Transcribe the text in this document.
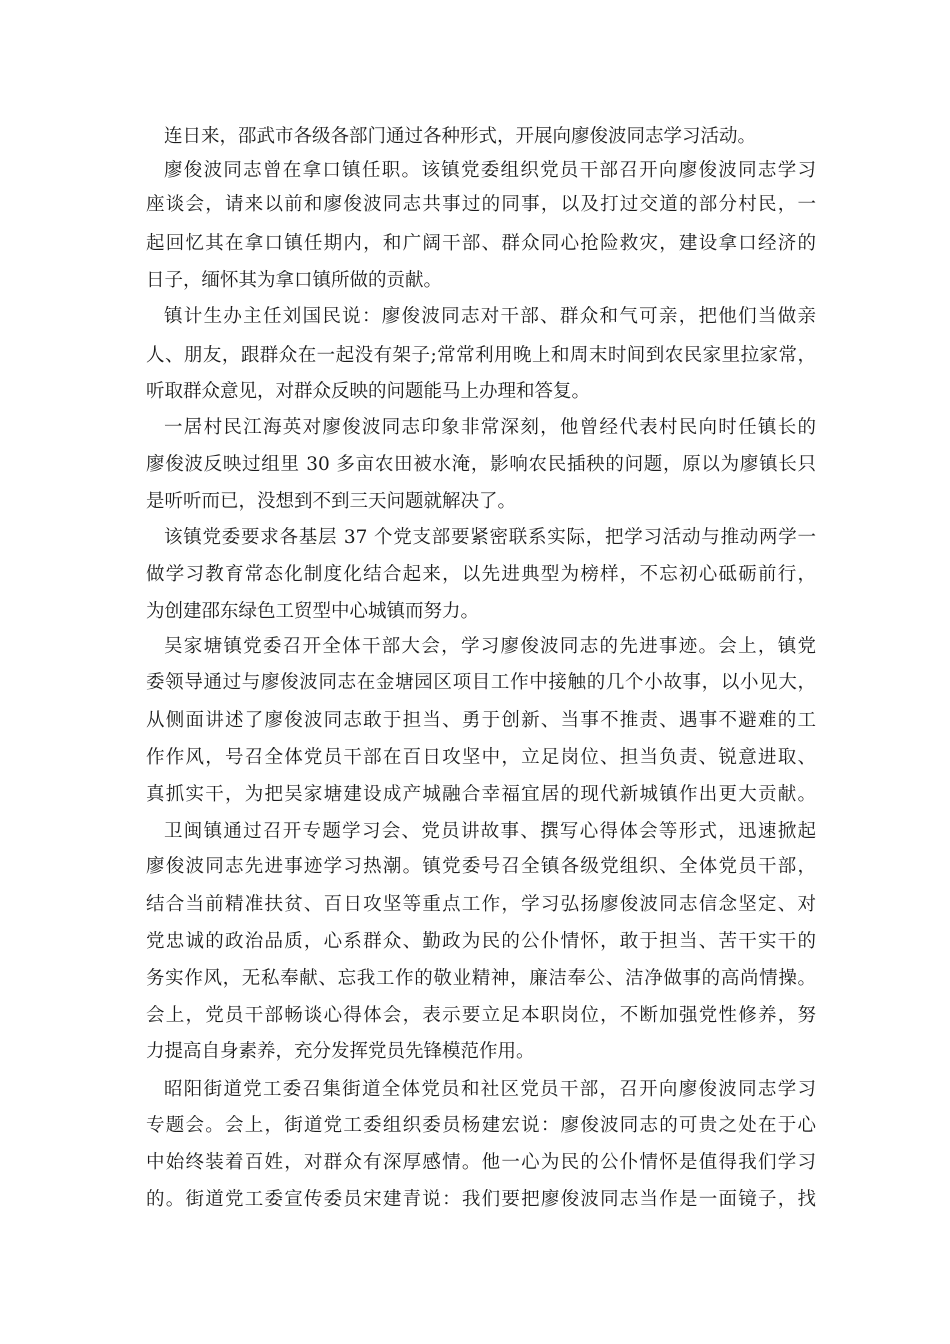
连日来，邵武市各级各部门通过各种形式，开展向廖俊波同志学习活动。
廖俊波同志曾在拿口镇任职。该镇党委组织党员干部召开向廖俊波同志学习
座谈会，请来以前和廖俊波同志共事过的同事，以及打过交道的部分村民，一
起回忆其在拿口镇任期内，和广阔干部、群众同心抢险救灾，建设拿口经济的
日子，缅怀其为拿口镇所做的贡献。
镇计生办主任刘国民说：廖俊波同志对干部、群众和气可亲，把他们当做亲
人、朋友，跟群众在一起没有架子;常常利用晚上和周末时间到农民家里拉家常，
听取群众意见，对群众反映的问题能马上办理和答复。
一居村民江海英对廖俊波同志印象非常深刻，他曾经代表村民向时任镇长的
廖俊波反映过组里 30 多亩农田被水淹，影响农民插秧的问题，原以为廖镇长只
是听听而已，没想到不到三天问题就解决了。
该镇党委要求各基层 37 个党支部要紧密联系实际，把学习活动与推动两学一
做学习教育常态化制度化结合起来，以先进典型为榜样，不忘初心砥砺前行，
为创建邵东绿色工贸型中心城镇而努力。
吴家塘镇党委召开全体干部大会，学习廖俊波同志的先进事迹。会上，镇党
委领导通过与廖俊波同志在金塘园区项目工作中接触的几个小故事，以小见大，
从侧面讲述了廖俊波同志敢于担当、勇于创新、当事不推责、遇事不避难的工
作作风，号召全体党员干部在百日攻坚中，立足岗位、担当负责、锐意进取、
真抓实干，为把吴家塘建设成产城融合幸福宜居的现代新城镇作出更大贡献。
卫闽镇通过召开专题学习会、党员讲故事、撰写心得体会等形式，迅速掀起
廖俊波同志先进事迹学习热潮。镇党委号召全镇各级党组织、全体党员干部，
结合当前精准扶贫、百日攻坚等重点工作，学习弘扬廖俊波同志信念坚定、对
党忠诚的政治品质，心系群众、勤政为民的公仆情怀，敢于担当、苦干实干的
务实作风，无私奉献、忘我工作的敬业精神，廉洁奉公、洁净做事的高尚情操。
会上，党员干部畅谈心得体会，表示要立足本职岗位，不断加强党性修养，努
力提高自身素养，充分发挥党员先锋模范作用。
昭阳街道党工委召集街道全体党员和社区党员干部，召开向廖俊波同志学习
专题会。会上，街道党工委组织委员杨建宏说：廖俊波同志的可贵之处在于心
中始终装着百姓，对群众有深厚感情。他一心为民的公仆情怀是值得我们学习
的。街道党工委宣传委员宋建青说：我们要把廖俊波同志当作是一面镜子，找
